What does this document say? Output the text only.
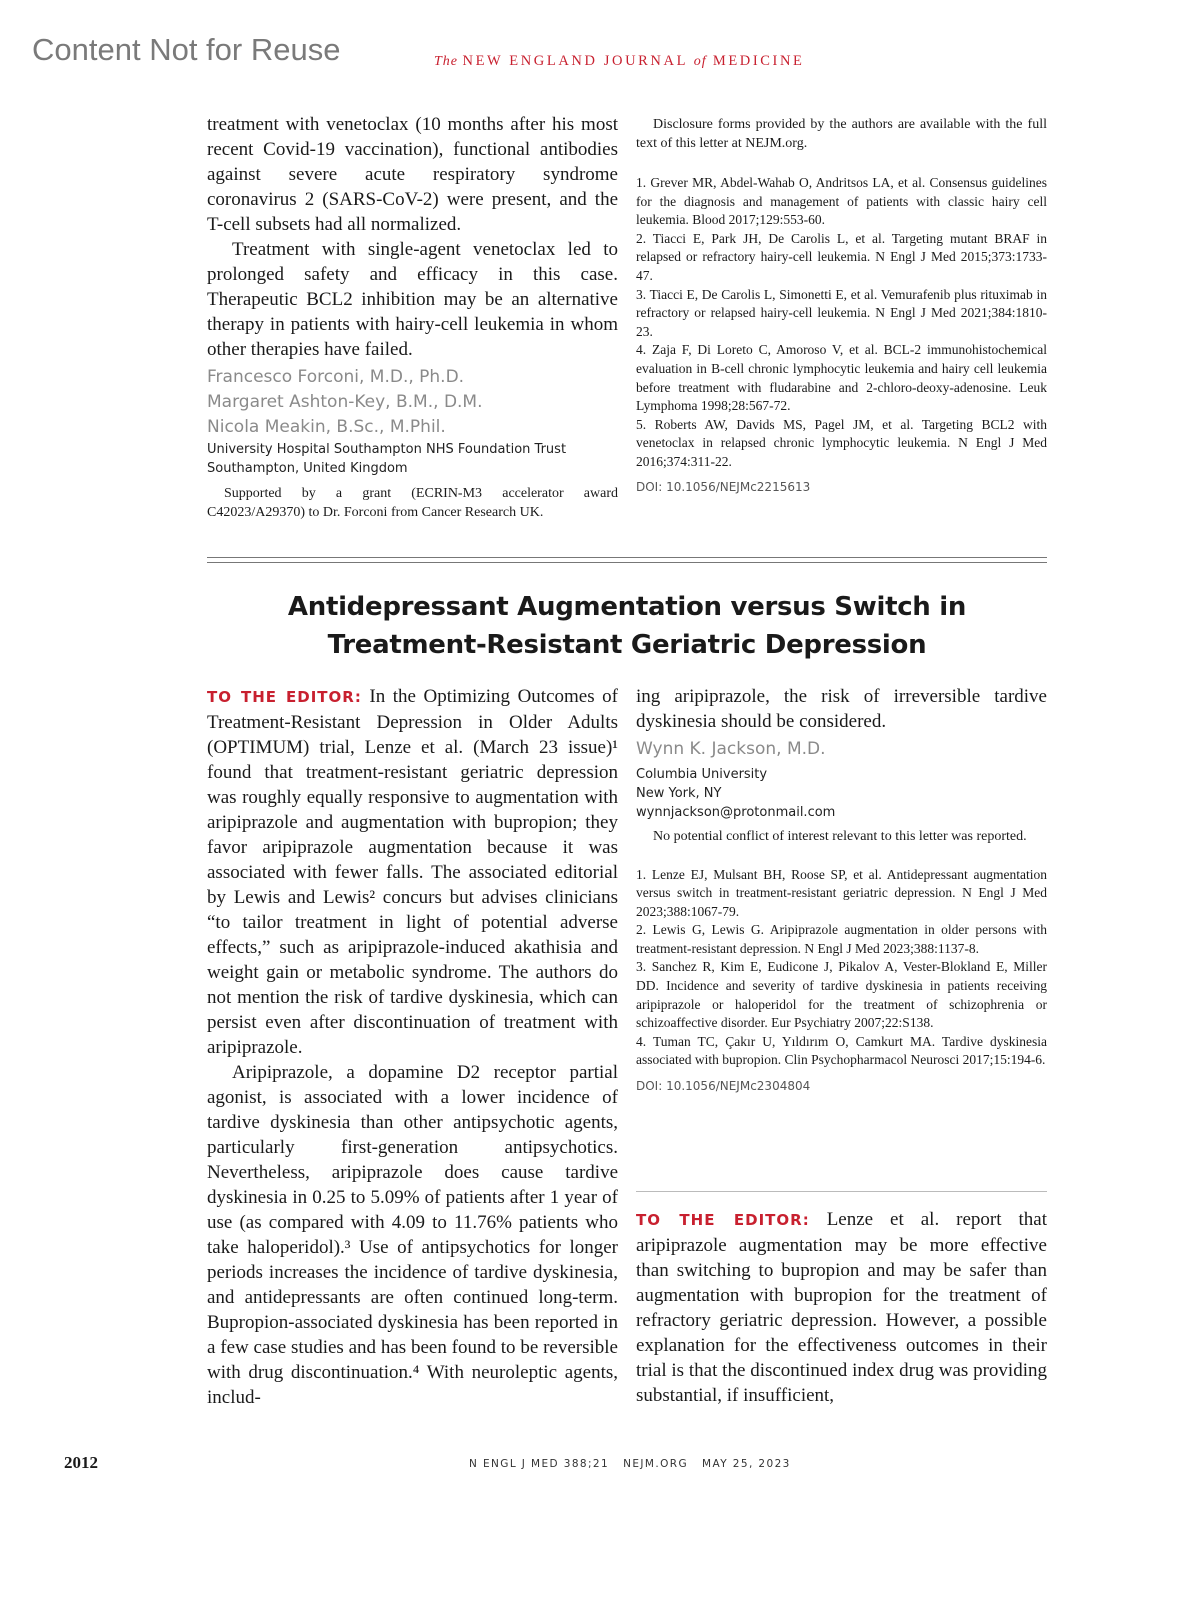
Content Not for Reuse	The NEW ENGLAND JOURNAL of MEDICINE

treatment with venetoclax (10 months after his most recent Covid-19 vaccination), functional antibodies against severe acute respiratory syndrome coronavirus 2 (SARS-CoV-2) were present, and the T-cell subsets had all normalized.

Treatment with single-agent venetoclax led to prolonged safety and efficacy in this case. Therapeutic BCL2 inhibition may be an alternative therapy in patients with hairy-cell leukemia in whom other therapies have failed.

Francesco Forconi, M.D., Ph.D.
Margaret Ashton-Key, B.M., D.M.
Nicola Meakin, B.Sc., M.Phil.
University Hospital Southampton NHS Foundation Trust
Southampton, United Kingdom
Supported by a grant (ECRIN-M3 accelerator award C42023/A29370) to Dr. Forconi from Cancer Research UK.
Disclosure forms provided by the authors are available with the full text of this letter at NEJM.org.

1. Grever MR, Abdel-Wahab O, Andritsos LA, et al. Consensus guidelines for the diagnosis and management of patients with classic hairy cell leukemia. Blood 2017;129:553-60.

2. Tiacci E, Park JH, De Carolis L, et al. Targeting mutant BRAF in relapsed or refractory hairy-cell leukemia. N Engl J Med 2015;373:1733-47.

3. Tiacci E, De Carolis L, Simonetti E, et al. Vemurafenib plus rituximab in refractory or relapsed hairy-cell leukemia. N Engl J Med 2021;384:1810-23.

4. Zaja F, Di Loreto C, Amoroso V, et al. BCL-2 immunohistochemical evaluation in B-cell chronic lymphocytic leukemia and hairy cell leukemia before treatment with fludarabine and 2-chloro-deoxy-adenosine. Leuk Lymphoma 1998;28:567-72.

5. Roberts AW, Davids MS, Pagel JM, et al. Targeting BCL2 with venetoclax in relapsed chronic lymphocytic leukemia. N Engl J Med 2016;374:311-22.

DOI: 10.1056/NEJMc2215613
Antidepressant Augmentation versus Switch in
Treatment-Resistant Geriatric Depression

TO THE EDITOR: In the Optimizing Outcomes of Treatment-Resistant Depression in Older Adults (OPTIMUM) trial, Lenze et al. (March 23 issue)¹ found that treatment-resistant geriatric depression was roughly equally responsive to augmentation with aripiprazole and augmentation with bupropion; they favor aripiprazole augmentation because it was associated with fewer falls. The associated editorial by Lewis and Lewis² concurs but advises clinicians “to tailor treatment in light of potential adverse effects,” such as aripiprazole-induced akathisia and weight gain or metabolic syndrome. The authors do not mention the risk of tardive dyskinesia, which can persist even after discontinuation of treatment with aripiprazole.

Aripiprazole, a dopamine D2 receptor partial agonist, is associated with a lower incidence of tardive dyskinesia than other antipsychotic agents, particularly first-generation antipsychotics. Nevertheless, aripiprazole does cause tardive dyskinesia in 0.25 to 5.09% of patients after 1 year of use (as compared with 4.09 to 11.76% patients who take haloperidol).³ Use of antipsychotics for longer periods increases the incidence of tardive dyskinesia, and antidepressants are often continued long-term. Bupropion-associated dyskinesia has been reported in a few case studies and has been found to be reversible with drug discontinuation.⁴ With neuroleptic agents, includ-

ing aripiprazole, the risk of irreversible tardive dyskinesia should be considered.
Wynn K. Jackson, M.D.
Columbia University
New York, NY
wynnjackson@protonmail.com
No potential conflict of interest relevant to this letter was reported.

1. Lenze EJ, Mulsant BH, Roose SP, et al. Antidepressant augmentation versus switch in treatment-resistant geriatric depression. N Engl J Med 2023;388:1067-79.

2. Lewis G, Lewis G. Aripiprazole augmentation in older persons with treatment-resistant depression. N Engl J Med 2023;388:1137-8.

3. Sanchez R, Kim E, Eudicone J, Pikalov A, Vester-Blokland E, Miller DD. Incidence and severity of tardive dyskinesia in patients receiving aripiprazole or haloperidol for the treatment of schizophrenia or schizoaffective disorder. Eur Psychiatry 2007;22:S138.

4. Tuman TC, Çakır U, Yıldırım O, Camkurt MA. Tardive dyskinesia associated with bupropion. Clin Psychopharmacol Neurosci 2017;15:194-6.

DOI: 10.1056/NEJMc2304804

TO THE EDITOR: Lenze et al. report that aripiprazole augmentation may be more effective than switching to bupropion and may be safer than augmentation with bupropion for the treatment of refractory geriatric depression. However, a possible explanation for the effectiveness outcomes in their trial is that the discontinued index drug was providing substantial, if insufficient,

2012	N ENGL J MED 388;21 NEJM.ORG MAY 25, 2023
